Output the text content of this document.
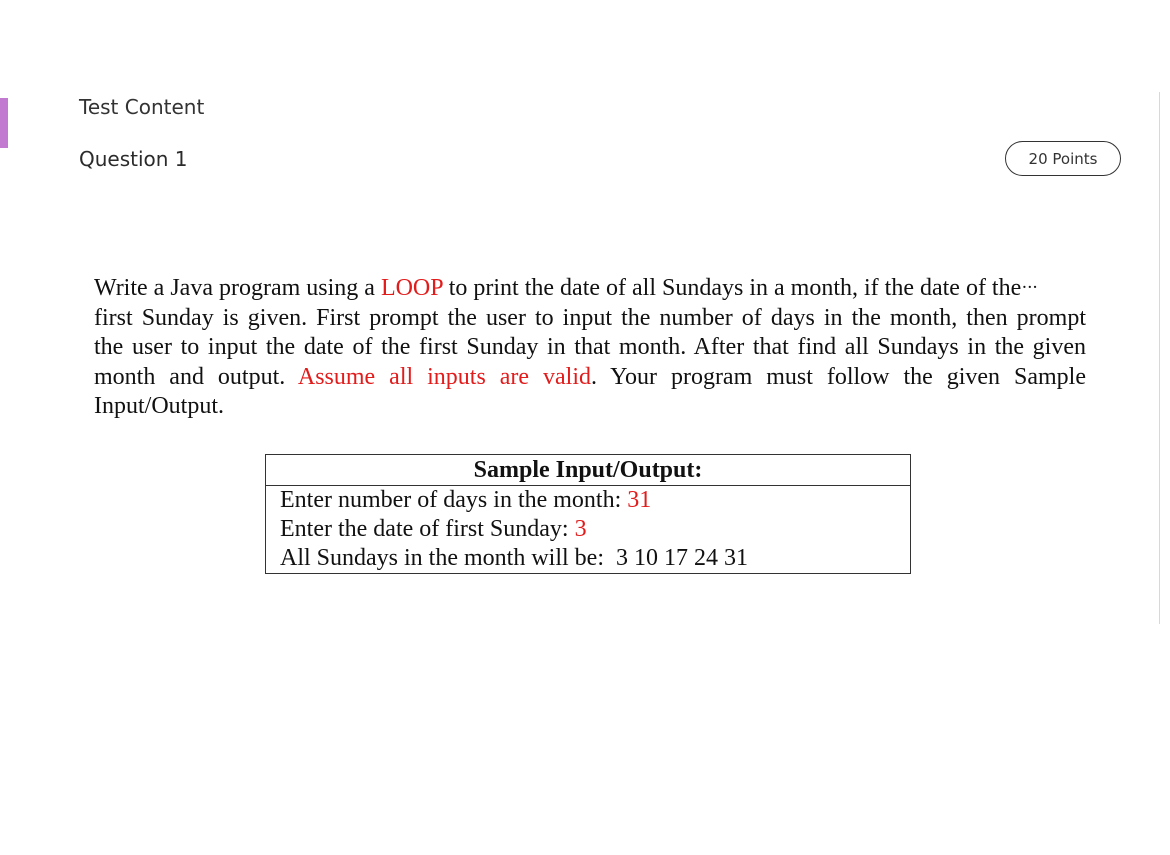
Test Content
Question 1	20 Points
Write a Java program using a LOOP to print the date of all Sundays in a month, if the date of the···
first Sunday is given. First prompt the user to input the number of days in the month, then prompt
the user to input the date of the first Sunday in that month. After that find all Sundays in the given
month and output. Assume all inputs are valid. Your program must follow the given Sample
Input/Output.
Sample Input/Output:
Enter number of days in the month: 31
Enter the date of first Sunday: 3
All Sundays in the month will be:  3 10 17 24 31
